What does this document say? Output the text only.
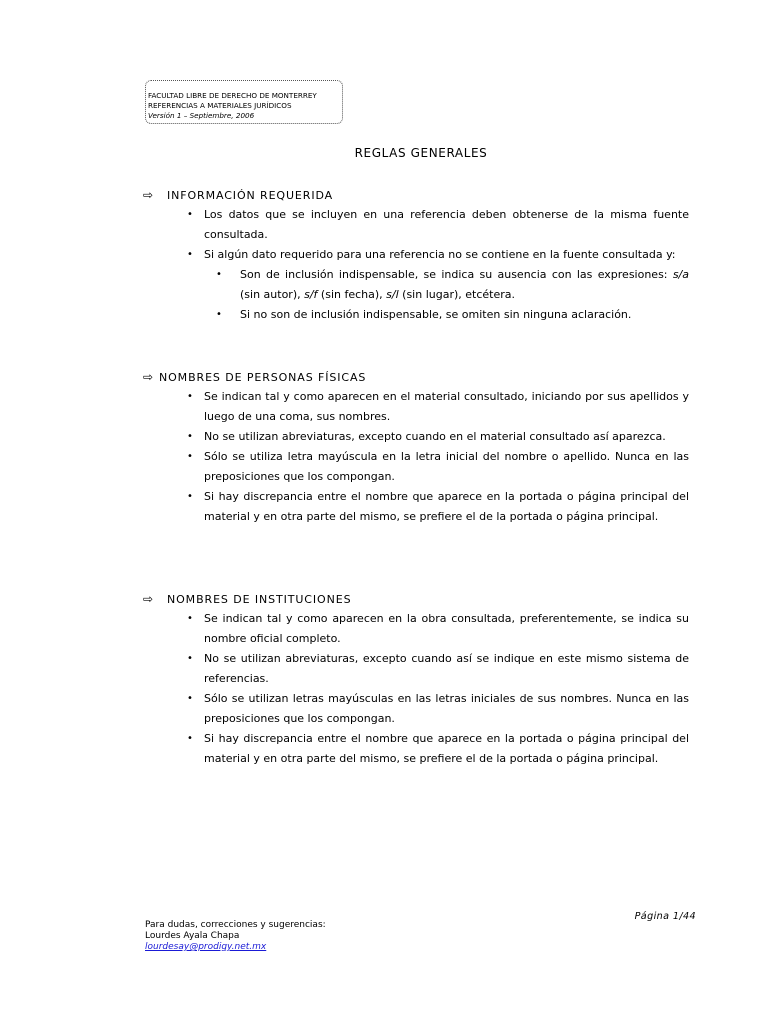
FACULTAD LIBRE DE DERECHO DE MONTERREY
REFERENCIAS A MATERIALES JURÍDICOS
Versión 1 – Septiembre, 2006
REGLAS GENERALES
⇨ INFORMACIÓN REQUERIDA
• Los datos que se incluyen en una referencia deben obtenerse de la misma fuente consultada.
• Si algún dato requerido para una referencia no se contiene en la fuente consultada y:
• Son de inclusión indispensable, se indica su ausencia con las expresiones: s/a (sin autor), s/f (sin fecha), s/l (sin lugar), etcétera.
• Si no son de inclusión indispensable, se omiten sin ninguna aclaración.
⇨ NOMBRES DE PERSONAS FÍSICAS
• Se indican tal y como aparecen en el material consultado, iniciando por sus apellidos y luego de una coma, sus nombres.
• No se utilizan abreviaturas, excepto cuando en el material consultado así aparezca.
• Sólo se utiliza letra mayúscula en la letra inicial del nombre o apellido. Nunca en las preposiciones que los compongan.
• Si hay discrepancia entre el nombre que aparece en la portada o página principal del material y en otra parte del mismo, se prefiere el de la portada o página principal.
⇨ NOMBRES DE INSTITUCIONES
• Se indican tal y como aparecen en la obra consultada, preferentemente, se indica su nombre oficial completo.
• No se utilizan abreviaturas, excepto cuando así se indique en este mismo sistema de referencias.
• Sólo se utilizan letras mayúsculas en las letras iniciales de sus nombres. Nunca en las preposiciones que los compongan.
• Si hay discrepancia entre el nombre que aparece en la portada o página principal del material y en otra parte del mismo, se prefiere el de la portada o página principal.
Página 1/44
Para dudas, correcciones y sugerencias:
Lourdes Ayala Chapa
lourdesay@prodigy.net.mx
